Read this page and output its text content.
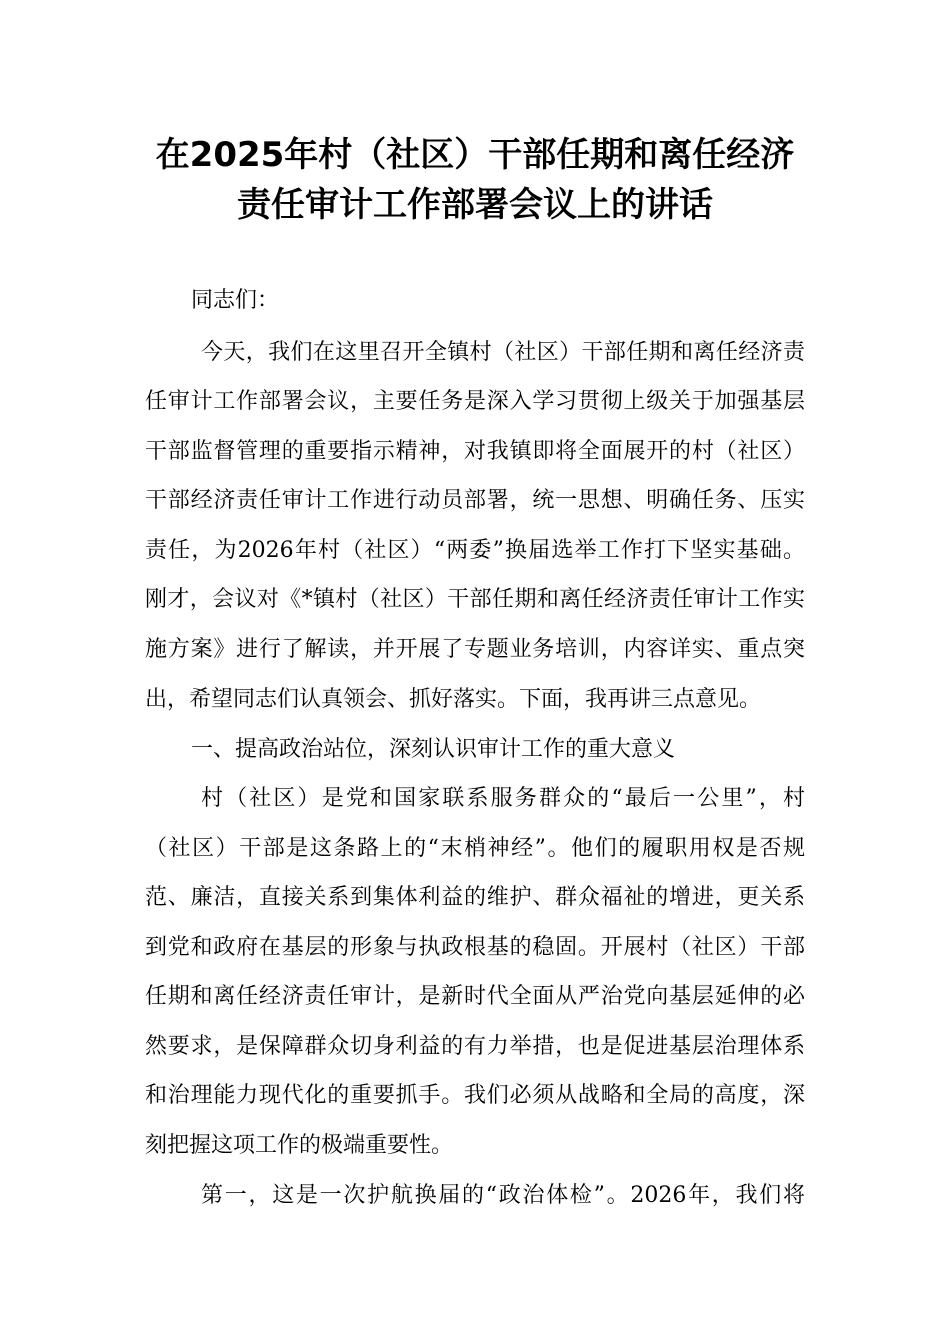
在2025年村（社区）干部任期和离任经济
责任审计工作部署会议上的讲话
同志们：
今天，我们在这里召开全镇村（社区）干部任期和离任经济责
任审计工作部署会议，主要任务是深入学习贯彻上级关于加强基层
干部监督管理的重要指示精神，对我镇即将全面展开的村（社区）
干部经济责任审计工作进行动员部署，统一思想、明确任务、压实
责任，为2026年村（社区）“两委”换届选举工作打下坚实基础。
刚才，会议对《*镇村（社区）干部任期和离任经济责任审计工作实
施方案》进行了解读，并开展了专题业务培训，内容详实、重点突
出，希望同志们认真领会、抓好落实。下面，我再讲三点意见。
一、提高政治站位，深刻认识审计工作的重大意义
村（社区）是党和国家联系服务群众的“最后一公里”，村
（社区）干部是这条路上的“末梢神经”。他们的履职用权是否规
范、廉洁，直接关系到集体利益的维护、群众福祉的增进，更关系
到党和政府在基层的形象与执政根基的稳固。开展村（社区）干部
任期和离任经济责任审计，是新时代全面从严治党向基层延伸的必
然要求，是保障群众切身利益的有力举措，也是促进基层治理体系
和治理能力现代化的重要抓手。我们必须从战略和全局的高度，深
刻把握这项工作的极端重要性。
第一，这是一次护航换届的“政治体检”。2026年，我们将
